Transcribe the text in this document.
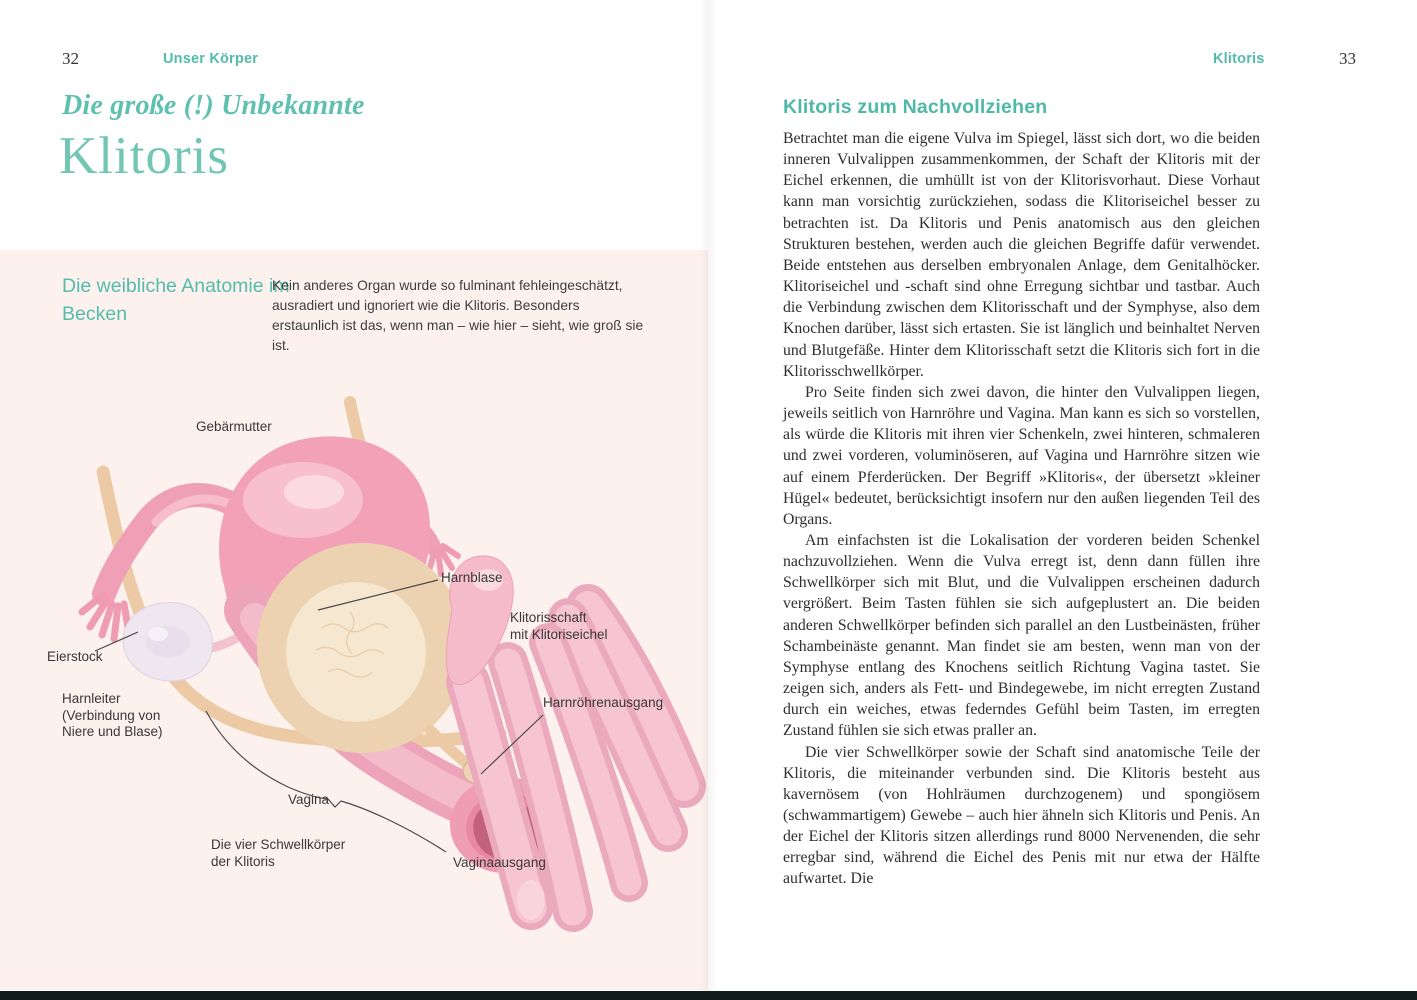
32	Unser Körper
Die große (!) Unbekannte
Klitoris
Die weibliche Anatomie im Becken

Kein anderes Organ wurde so fulminant fehleingeschätzt, ausradiert und ignoriert wie die Klitoris. Besonders erstaunlich ist das, wenn man – wie hier – sieht, wie groß sie ist.

Gebärmutter
Harnblase
Klitorisschaft
mit Klitoriseichel
Eierstock
Harnleiter
(Verbindung von
Niere und Blase)
Harnröhrenausgang
Vagina
Die vier Schwellkörper
der Klitoris	Vaginaausgang
Klitoris	33
Klitoris zum Nachvollziehen

Betrachtet man die eigene Vulva im Spiegel, lässt sich dort, wo die beiden inneren Vulvalippen zusammenkommen, der Schaft der Klitoris mit der Eichel erkennen, die umhüllt ist von der Klitorisvorhaut. Diese Vorhaut kann man vorsichtig zurückziehen, sodass die Klitoriseichel besser zu betrachten ist. Da Klitoris und Penis anatomisch aus den gleichen Strukturen bestehen, werden auch die gleichen Begriffe dafür verwendet. Beide entstehen aus derselben embryonalen Anlage, dem Genitalhöcker. Klitoriseichel und -schaft sind ohne Erregung sichtbar und tastbar. Auch die Verbindung zwischen dem Klitorisschaft und der Symphyse, also dem Knochen darüber, lässt sich ertasten. Sie ist länglich und beinhaltet Nerven und Blutgefäße. Hinter dem Klitorisschaft setzt die Klitoris sich fort in die Klitorisschwellkörper.

Pro Seite finden sich zwei davon, die hinter den Vulvalippen liegen, jeweils seitlich von Harnröhre und Vagina. Man kann es sich so vorstellen, als würde die Klitoris mit ihren vier Schenkeln, zwei hinteren, schmaleren und zwei vorderen, voluminöseren, auf Vagina und Harnröhre sitzen wie auf einem Pferderücken. Der Begriff »Klitoris«, der übersetzt »kleiner Hügel« bedeutet, berücksichtigt insofern nur den außen liegenden Teil des Organs.

Am einfachsten ist die Lokalisation der vorderen beiden Schenkel nachzuvollziehen. Wenn die Vulva erregt ist, denn dann füllen ihre Schwellkörper sich mit Blut, und die Vulvalippen erscheinen dadurch vergrößert. Beim Tasten fühlen sie sich aufgeplustert an. Die beiden anderen Schwellkörper befinden sich parallel an den Lustbeinästen, früher Schambeinäste genannt. Man findet sie am besten, wenn man von der Symphyse entlang des Knochens seitlich Richtung Vagina tastet. Sie zeigen sich, anders als Fett- und Bindegewebe, im nicht erregten Zustand durch ein weiches, etwas federndes Gefühl beim Tasten, im erregten Zustand fühlen sie sich etwas praller an.

Die vier Schwellkörper sowie der Schaft sind anatomische Teile der Klitoris, die miteinander verbunden sind. Die Klitoris besteht aus kavernösem (von Hohlräumen durchzogenem) und spongiösem (schwammartigem) Gewebe – auch hier ähneln sich Klitoris und Penis. An der Eichel der Klitoris sitzen allerdings rund 8000 Nervenenden, die sehr erregbar sind, während die Eichel des Penis mit nur etwa der Hälfte aufwartet. Die
